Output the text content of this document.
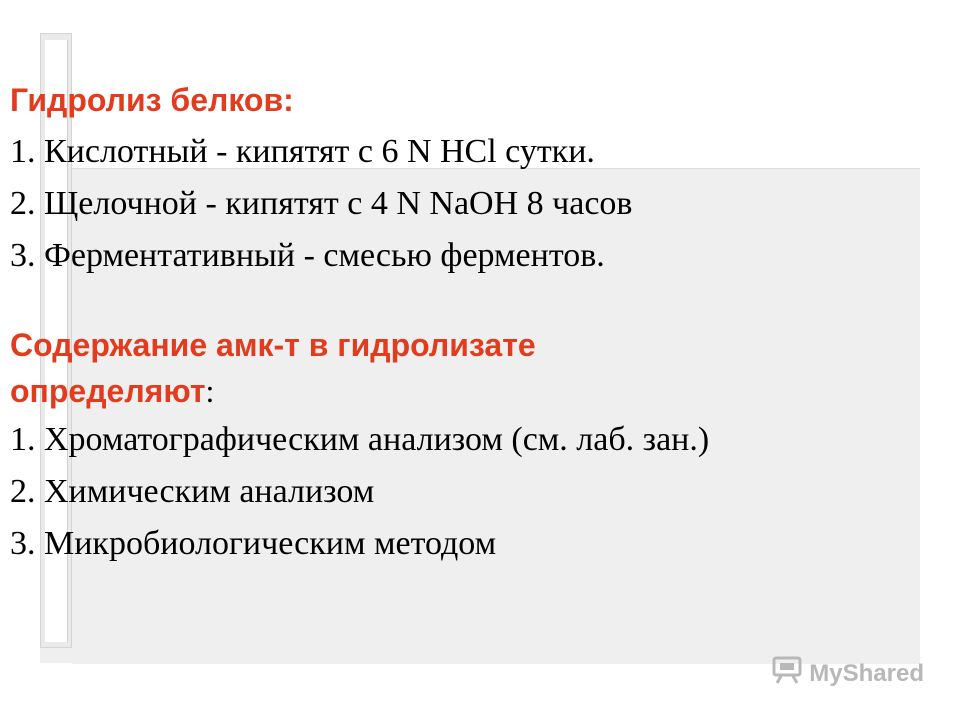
Гидролиз белков:
1. Кислотный - кипятят с 6 N HCl сутки.
2. Щелочной - кипятят с 4 N NaOH 8 часов
3. Ферментативный - смесью ферментов.
Содержание амк-т в гидролизате
определяют:
1. Хроматографическим анализом (см. лаб. зан.)
2. Химическим анализом
3. Микробиологическим методом
MyShared
